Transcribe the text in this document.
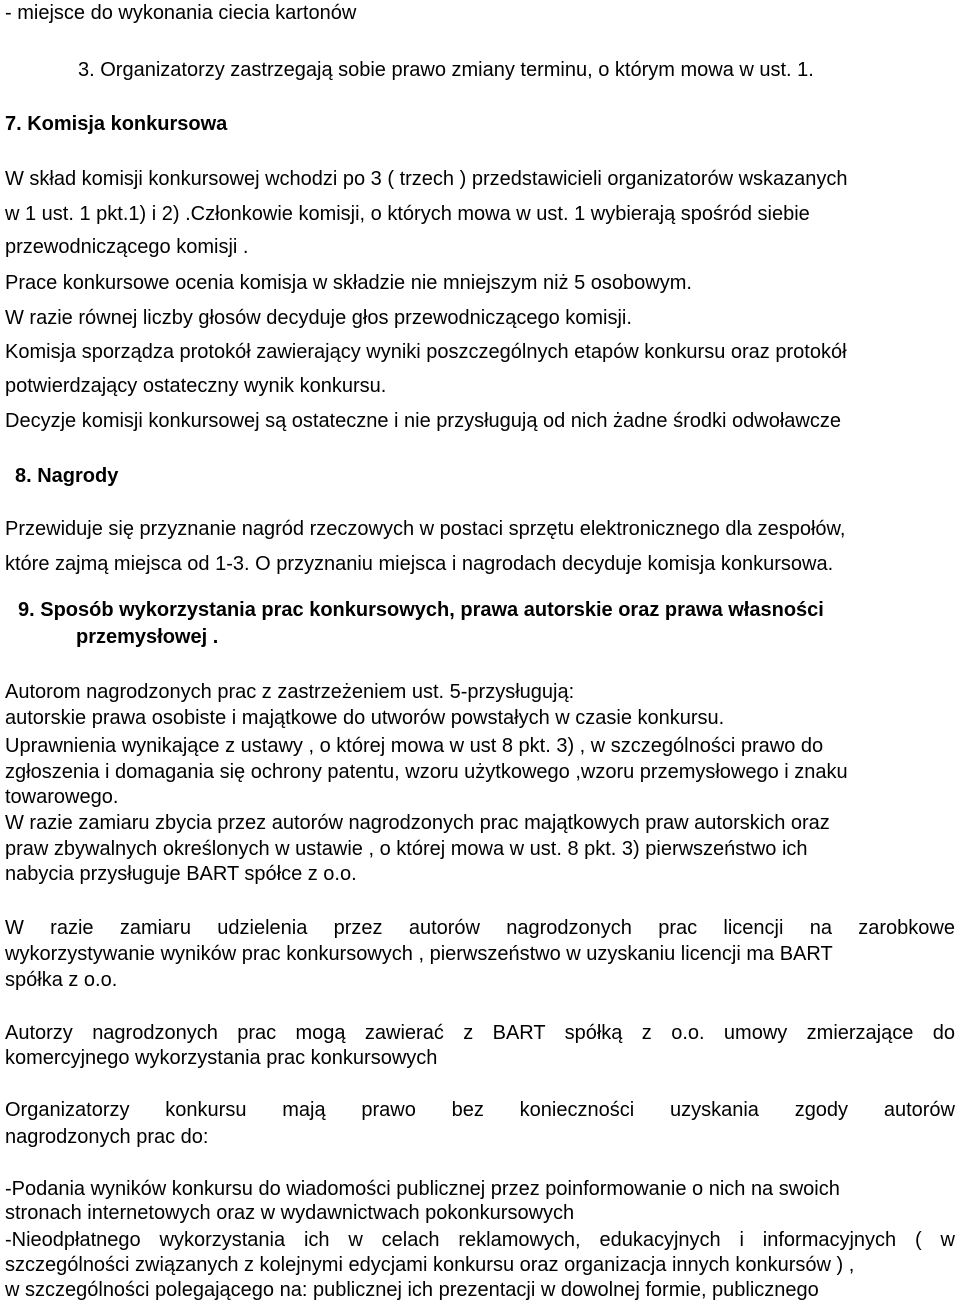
- miejsce do wykonania ciecia kartonów
3. Organizatorzy zastrzegają sobie prawo zmiany terminu, o którym mowa w ust. 1.
7. Komisja konkursowa
W skład komisji konkursowej wchodzi po 3 ( trzech ) przedstawicieli organizatorów wskazanych
w 1 ust. 1 pkt.1) i 2) .Członkowie komisji, o których mowa w ust. 1 wybierają spośród siebie
przewodniczącego komisji .
Prace konkursowe ocenia komisja w składzie nie mniejszym niż 5 osobowym.
W razie równej liczby głosów decyduje głos przewodniczącego komisji.
Komisja sporządza protokół zawierający wyniki poszczególnych etapów konkursu oraz protokół
potwierdzający ostateczny wynik konkursu.
Decyzje komisji konkursowej są ostateczne i nie przysługują od nich żadne środki odwoławcze
8. Nagrody
Przewiduje się przyznanie nagród rzeczowych w postaci sprzętu elektronicznego dla zespołów,
które zajmą miejsca od 1-3. O przyznaniu miejsca i nagrodach decyduje komisja konkursowa.
9. Sposób wykorzystania prac konkursowych, prawa autorskie oraz prawa własności
przemysłowej .
Autorom nagrodzonych prac z zastrzeżeniem ust. 5-przysługują:
autorskie prawa osobiste i majątkowe do utworów powstałych w czasie konkursu.
Uprawnienia wynikające z ustawy , o której mowa w ust 8 pkt. 3) , w szczególności prawo do
zgłoszenia i domagania się ochrony patentu, wzoru użytkowego ,wzoru przemysłowego i znaku
towarowego.
W razie zamiaru zbycia przez autorów nagrodzonych prac majątkowych praw autorskich oraz
praw zbywalnych określonych w ustawie , o której mowa w ust. 8 pkt. 3) pierwszeństwo ich
nabycia przysługuje BART spółce z o.o.
W razie zamiaru udzielenia przez autorów nagrodzonych prac licencji na zarobkowe
wykorzystywanie wyników prac konkursowych , pierwszeństwo w uzyskaniu licencji ma BART
spółka z o.o.
Autorzy nagrodzonych prac mogą zawierać z BART spółką z o.o. umowy zmierzające do
komercyjnego wykorzystania prac konkursowych
Organizatorzy konkursu mają prawo bez konieczności uzyskania zgody autorów
nagrodzonych prac do:
-Podania wyników konkursu do wiadomości publicznej przez poinformowanie o nich na swoich
stronach internetowych oraz w wydawnictwach pokonkursowych
-Nieodpłatnego wykorzystania ich w celach reklamowych, edukacyjnych i informacyjnych ( w
szczególności związanych z kolejnymi edycjami konkursu oraz organizacja innych konkursów ) ,
w szczególności polegającego na: publicznej ich prezentacji w dowolnej formie, publicznego
